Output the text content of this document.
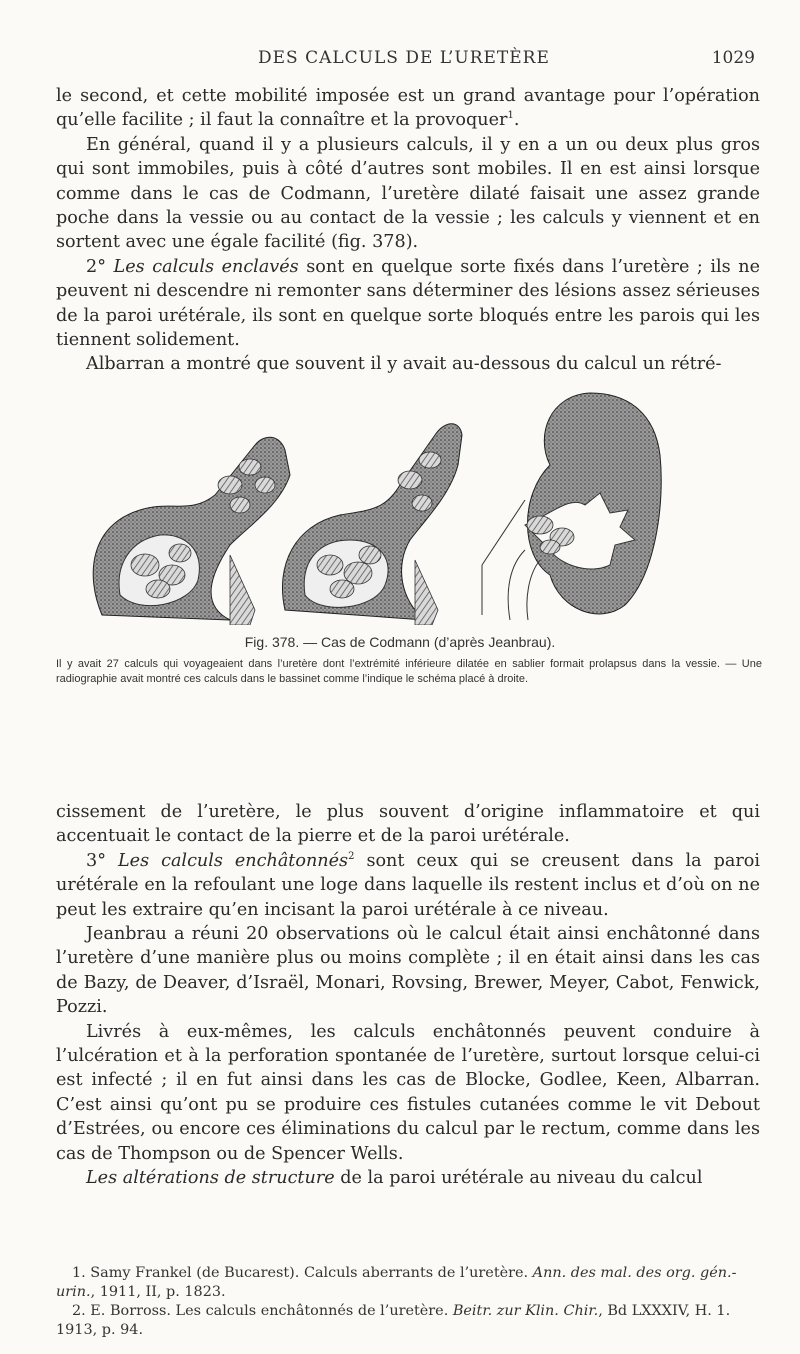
DES CALCULS DE L’URETÈRE	1029

le second, et cette mobilité imposée est un grand avantage pour l’opération qu’elle facilite ; il faut la connaître et la provoquer$^1$.

En général, quand il y a plusieurs calculs, il y en a un ou deux plus gros qui sont immobiles, puis à côté d’autres sont mobiles. Il en est ainsi lorsque comme dans le cas de Codmann, l’uretère dilaté faisait une assez grande poche dans la vessie ou au contact de la vessie ; les calculs y viennent et en sortent avec une égale facilité (fig. 378).

2° Les calculs enclavés sont en quelque sorte fixés dans l’uretère ; ils ne peuvent ni descendre ni remonter sans déterminer des lésions assez sérieuses de la paroi urétérale, ils sont en quelque sorte bloqués entre les parois qui les tiennent solidement.

Albarran a montré que souvent il y avait au-dessous du calcul un rétré-

Fig. 378. — Cas de Codmann (d’après Jeanbrau).
Il y avait 27 calculs qui voyageaient dans l’uretère dont l’extrémité inférieure dilatée en sablier formait prolapsus dans la vessie. — Une radiographie avait montré ces calculs dans le bassinet comme l’indique le schéma placé à droite.

cissement de l’uretère, le plus souvent d’origine inflammatoire et qui accentuait le contact de la pierre et de la paroi urétérale.

3° Les calculs enchâtonnés$^2$ sont ceux qui se creusent dans la paroi urétérale en la refoulant une loge dans laquelle ils restent inclus et d’où on ne peut les extraire qu’en incisant la paroi urétérale à ce niveau.

Jeanbrau a réuni 20 observations où le calcul était ainsi enchâtonné dans l’uretère d’une manière plus ou moins complète ; il en était ainsi dans les cas de Bazy, de Deaver, d’Israël, Monari, Rovsing, Brewer, Meyer, Cabot, Fenwick, Pozzi.

Livrés à eux-mêmes, les calculs enchâtonnés peuvent conduire à l’ulcération et à la perforation spontanée de l’uretère, surtout lorsque celui-ci est infecté ; il en fut ainsi dans les cas de Blocke, Godlee, Keen, Albarran. C’est ainsi qu’ont pu se produire ces fistules cutanées comme le vit Debout d’Estrées, ou encore ces éliminations du calcul par le rectum, comme dans les cas de Thompson ou de Spencer Wells.

Les altérations de structure de la paroi urétérale au niveau du calcul

1. Samy Frankel (de Bucarest). Calculs aberrants de l’uretère. Ann. des mal. des org. gén.-urin., 1911, II, p. 1823.

2. E. Borross. Les calculs enchâtonnés de l’uretère. Beitr. zur Klin. Chir., Bd LXXXIV, H. 1. 1913, p. 94.
